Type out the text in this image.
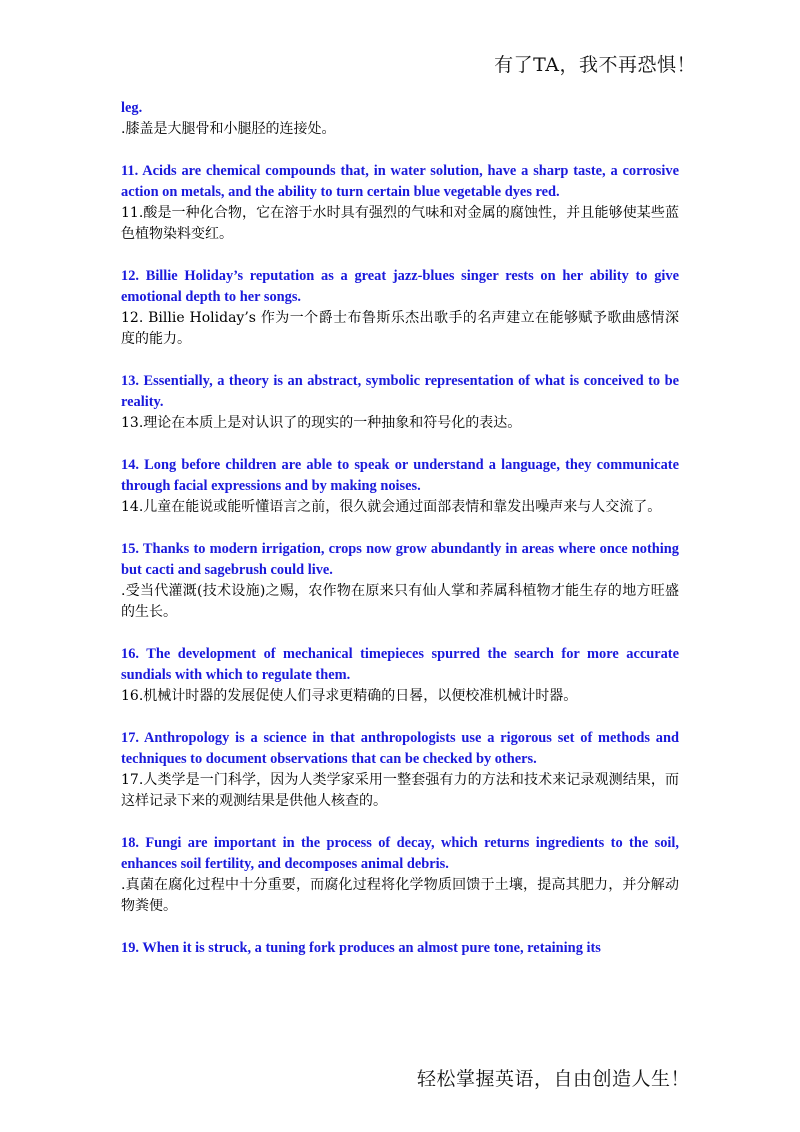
有了TA，我不再恐惧！
leg.
.膝盖是大腿骨和小腿胫的连接处。
11. Acids are chemical compounds that, in water solution, have a sharp taste, a corrosive action on metals, and the ability to turn certain blue vegetable dyes red.
11.酸是一种化合物，它在溶于水时具有强烈的气味和对金属的腐蚀性，并且能够使某些蓝色植物染料变红。
12. Billie Holiday’s reputation as a great jazz-blues singer rests on her ability to give emotional depth to her songs.
12. Billie Holiday’s 作为一个爵士布鲁斯乐杰出歌手的名声建立在能够赋予歌曲感情深度的能力。
13. Essentially, a theory is an abstract, symbolic representation of what is conceived to be reality.
13.理论在本质上是对认识了的现实的一种抽象和符号化的表达。
14. Long before children are able to speak or understand a language, they communicate through facial expressions and by making noises.
14.儿童在能说或能听懂语言之前，很久就会通过面部表情和靠发出噪声来与人交流了。
15. Thanks to modern irrigation, crops now grow abundantly in areas where once nothing but cacti and sagebrush could live.
.受当代灌溉(技术设施)之赐，农作物在原来只有仙人掌和荞属科植物才能生存的地方旺盛的生长。
16. The development of mechanical timepieces spurred the search for more accurate sundials with which to regulate them.
16.机械计时器的发展促使人们寻求更精确的日晷，以便校准机械计时器。
17. Anthropology is a science in that anthropologists use a rigorous set of methods and techniques to document observations that can be checked by others.
17.人类学是一门科学，因为人类学家采用一整套强有力的方法和技术来记录观测结果，而这样记录下来的观测结果是供他人核查的。
18. Fungi are important in the process of decay, which returns ingredients to the soil, enhances soil fertility, and decomposes animal debris.
.真菌在腐化过程中十分重要，而腐化过程将化学物质回馈于土壤，提高其肥力，并分解动物粪便。
19. When it is struck, a tuning fork produces an almost pure tone, retaining its
轻松掌握英语，自由创造人生！
